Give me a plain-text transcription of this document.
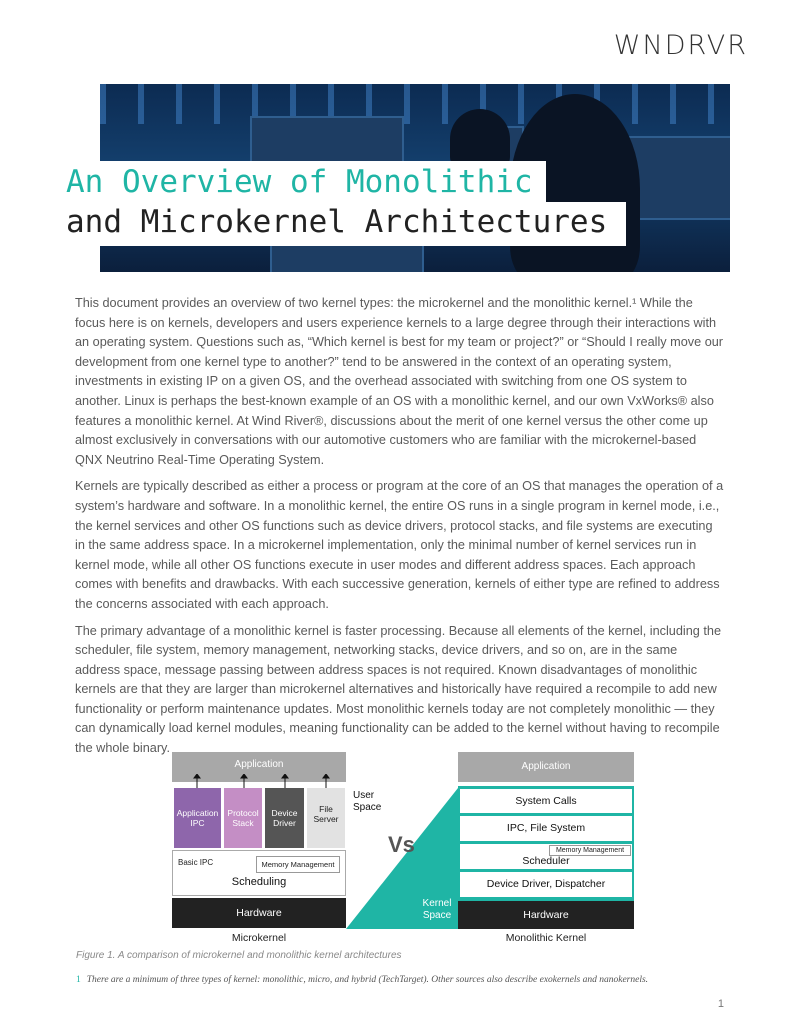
WNDRVR
An Overview of Monolithic
and Microkernel Architectures

This document provides an overview of two kernel types: the microkernel and the monolithic kernel.¹ While the focus here is on kernels, developers and users experience kernels to a large degree through their interactions with an operating system. Questions such as, “Which kernel is best for my team or project?” or “Should I really move our development from one kernel type to another?” tend to be answered in the context of an operating system, investments in existing IP on a given OS, and the overhead associated with switching from one OS system to another. Linux is perhaps the best-known example of an OS with a monolithic kernel, and our own VxWorks® also features a monolithic kernel. At Wind River®, discussions about the merit of one kernel versus the other come up almost exclusively in conversations with our automotive customers who are familiar with the microkernel-based QNX Neutrino Real-Time Operating System.

Kernels are typically described as either a process or program at the core of an OS that manages the operation of a system’s hardware and software. In a monolithic kernel, the entire OS runs in a single program in kernel mode, i.e., the kernel services and other OS functions such as device drivers, protocol stacks, and file systems are executing in the same address space. In a microkernel implementation, only the minimal number of kernel services run in kernel mode, while all other OS functions execute in user modes and different address spaces. Each approach comes with benefits and drawbacks. With each successive generation, kernels of either type are refined to address the concerns associated with each approach.

The primary advantage of a monolithic kernel is faster processing. Because all elements of the kernel, including the scheduler, file system, memory management, networking stacks, device drivers, and so on, are in the same address space, message passing between address spaces is not required. Known disadvantages of monolithic kernels are that they are larger than microkernel alternatives and historically have required a recompile to add new functionality or perform maintenance updates. Most monolithic kernels today are not completely monolithic — they can dynamically load kernel modules, meaning functionality can be added to the kernel without having to recompile the whole binary.

Application
Application IPC
Protocol Stack
Device Driver
File Server
Basic IPC	Memory Management
Scheduling
Hardware
Microkernel
User Space
Vs
Kernel Space
Application
System Calls
IPC, File System
Memory Management
Scheduler
Device Driver, Dispatcher
Hardware
Monolithic Kernel
Figure 1. A comparison of microkernel and monolithic kernel architectures
1 There are a minimum of three types of kernel: monolithic, micro, and hybrid (TechTarget). Other sources also describe exokernels and nanokernels.
1
